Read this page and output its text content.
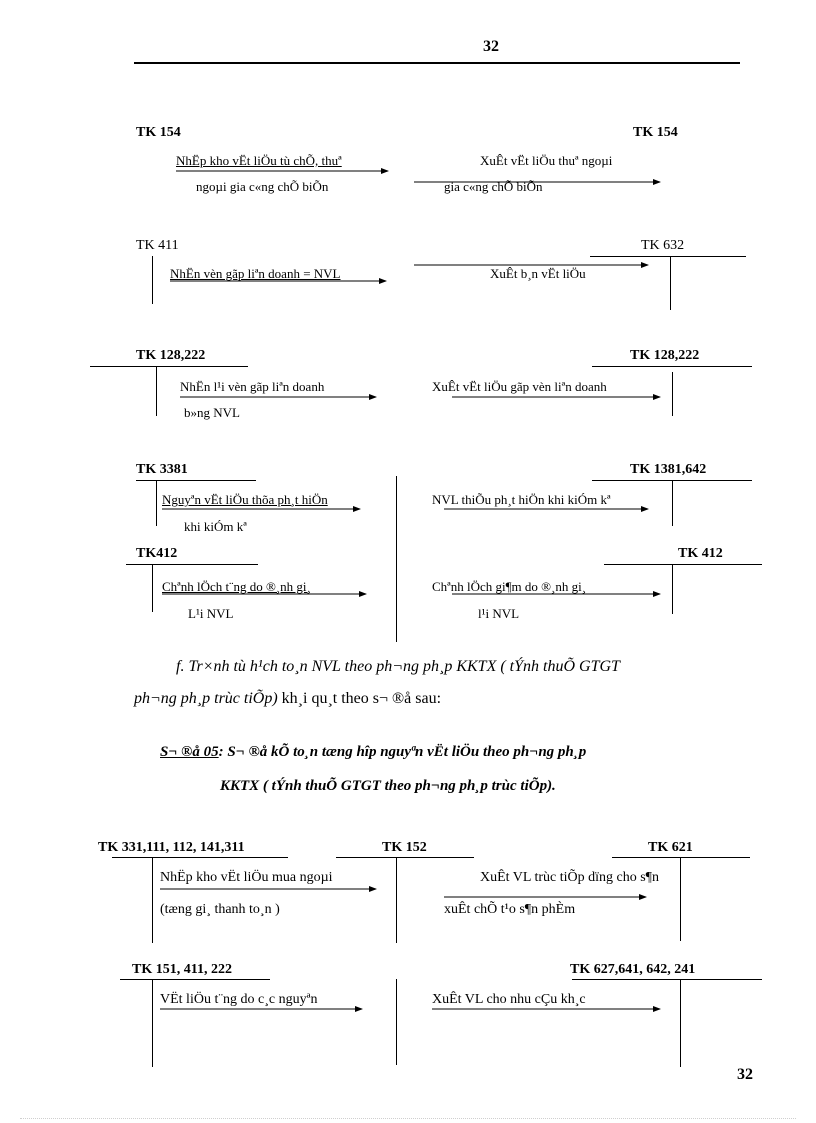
32
TK 154	TK 154
NhËp kho vËt liÖu tù chÕ, thuª
ngoµi gia c«ng chÕ biÕn
XuÊt vËt liÖu thuª ngoµi
gia c«ng chÕ biÕn
TK 411	TK 632
NhËn vèn gãp liªn doanh = NVL	XuÊt b¸n vËt liÖu
TK 128,222	TK 128,222
NhËn l¹i vèn gãp liªn doanh
b»ng NVL
XuÊt vËt liÖu gãp vèn liªn doanh
TK 3381	TK 1381,642
Nguyªn vËt liÖu thõa ph¸t hiÖn
khi kiÓm kª
NVL thiÕu ph¸t hiÖn khi kiÓm kª
TK412	TK 412
Chªnh lÖch t¨ng do ®¸nh gi¸
L¹i NVL
Chªnh lÖch gi¶m do ®¸nh gi¸
l¹i NVL
f. Tr×nh tù h¹ch to¸n NVL theo ph¬ng ph¸p KKTX ( tÝnh thuÕ GTGT
ph¬ng ph¸p trùc tiÕp) kh¸i qu¸t theo s¬ ®å sau:
S¬ ®å 05: S¬ ®å kÕ to¸n tæng hîp nguyªn vËt liÖu theo ph¬ng ph¸p
KKTX ( tÝnh thuÕ GTGT theo ph¬ng ph¸p trùc tiÕp).
TK 331,111, 112, 141,311	TK 152	TK 621
NhËp kho vËt liÖu mua ngoµi
(tæng gi¸ thanh to¸n )
XuÊt VL trùc tiÕp dïng cho s¶n
xuÊt chÕ t¹o s¶n phÈm
TK 151, 411, 222	TK 627,641, 642, 241
VËt liÖu t¨ng do c¸c nguyªn	XuÊt VL cho nhu cÇu kh¸c
32
